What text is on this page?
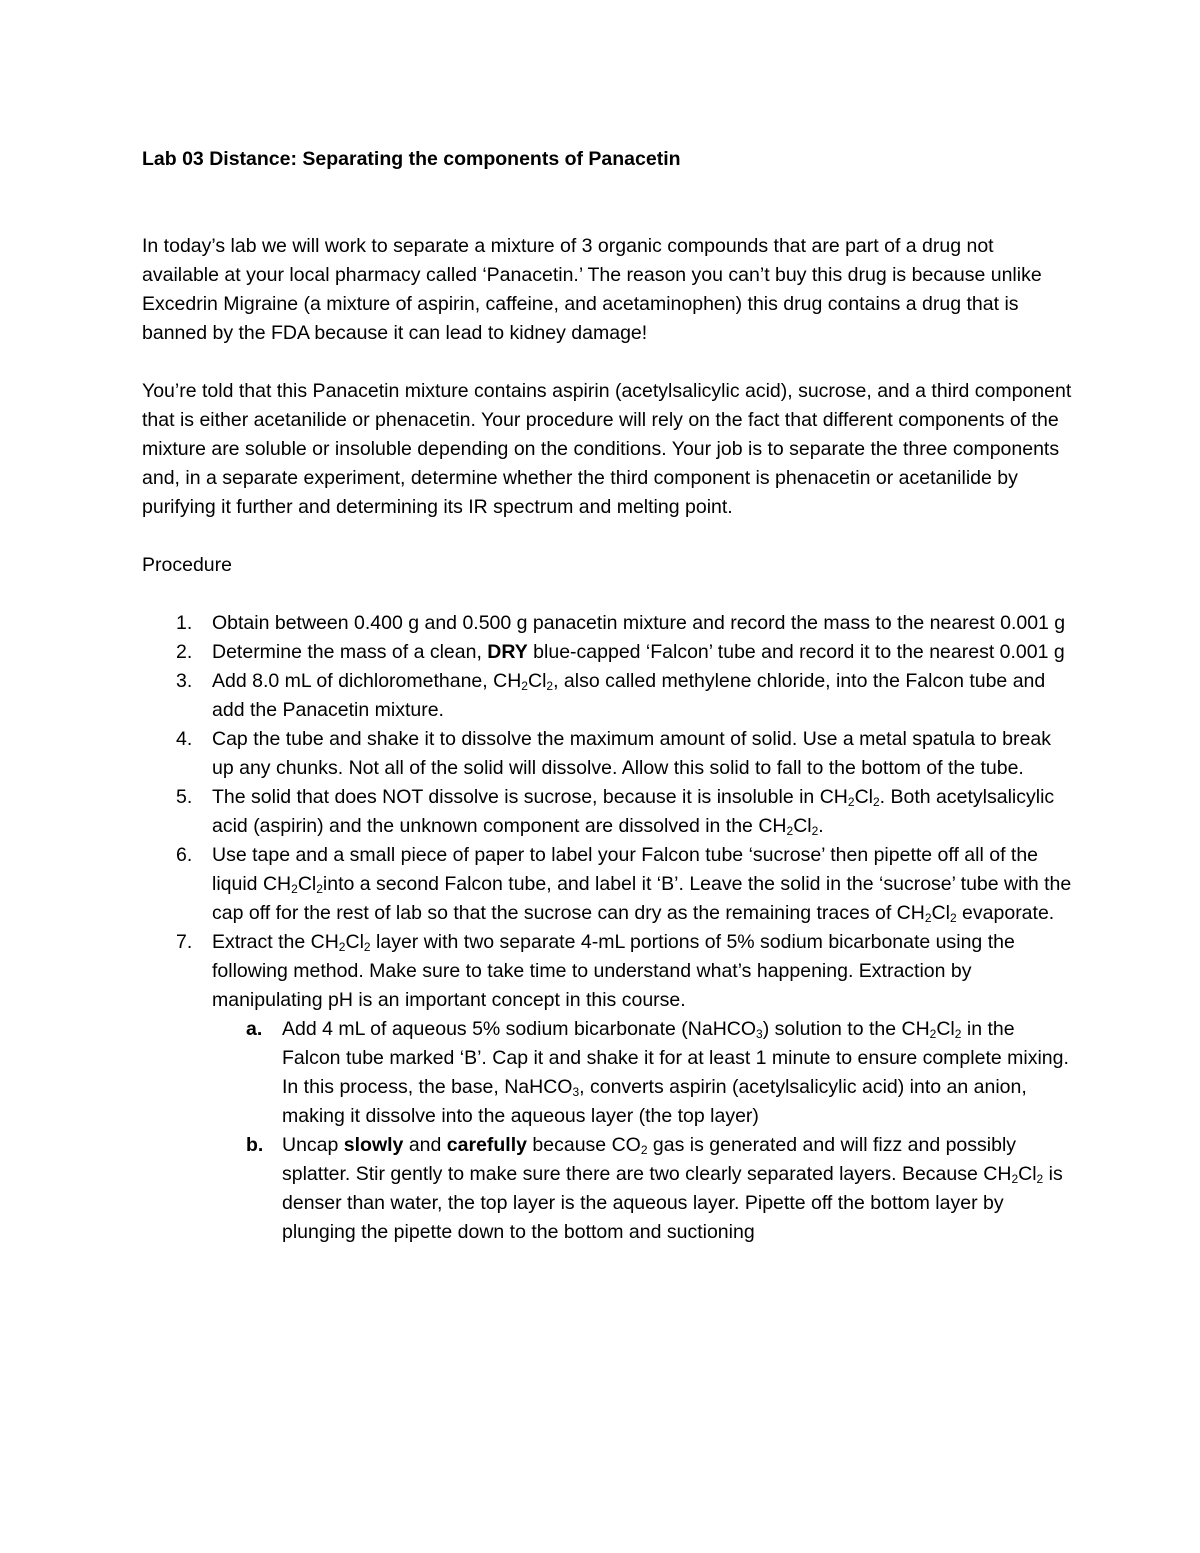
Lab 03 Distance: Separating the components of Panacetin

In today’s lab we will work to separate a mixture of 3 organic compounds that are part of a drug not available at your local pharmacy called ‘Panacetin.’ The reason you can’t buy this drug is because unlike Excedrin Migraine (a mixture of aspirin, caffeine, and acetaminophen) this drug contains a drug that is banned by the FDA because it can lead to kidney damage!

You’re told that this Panacetin mixture contains aspirin (acetylsalicylic acid), sucrose, and a third component that is either acetanilide or phenacetin. Your procedure will rely on the fact that different components of the mixture are soluble or insoluble depending on the conditions. Your job is to separate the three components and, in a separate experiment, determine whether the third component is phenacetin or acetanilide by purifying it further and determining its IR spectrum and melting point.

Procedure
1. Obtain between 0.400 g and 0.500 g panacetin mixture and record the mass to the nearest 0.001 g
2. Determine the mass of a clean, DRY blue-capped ‘Falcon’ tube and record it to the nearest 0.001 g
3. Add 8.0 mL of dichloromethane, $CH_2Cl_2$, also called methylene chloride, into the Falcon tube and add the Panacetin mixture.
4. Cap the tube and shake it to dissolve the maximum amount of solid. Use a metal spatula to break up any chunks. Not all of the solid will dissolve. Allow this solid to fall to the bottom of the tube.
5. The solid that does NOT dissolve is sucrose, because it is insoluble in $CH_2Cl_2$. Both acetylsalicylic acid (aspirin) and the unknown component are dissolved in the $CH_2Cl_2$.
6. Use tape and a small piece of paper to label your Falcon tube ‘sucrose’ then pipette off all of the liquid $CH_2Cl_2into$ a second Falcon tube, and label it ‘B’. Leave the solid in the ‘sucrose’ tube with the cap off for the rest of lab so that the sucrose can dry as the remaining traces of $CH_2Cl_2$ evaporate.
7. Extract the $CH_2Cl_2$ layer with two separate 4-mL portions of 5% sodium bicarbonate using the following method. Make sure to take time to understand what’s happening. Extraction by manipulating pH is an important concept in this course.
a. Add 4 mL of aqueous 5% sodium bicarbonate (NaHCO$_3$) solution to the $CH_2Cl_2$ in the Falcon tube marked ‘B’. Cap it and shake it for at least 1 minute to ensure complete mixing. In this process, the base, NaHCO$_3$, converts aspirin (acetylsalicylic acid) into an anion, making it dissolve into the aqueous layer (the top layer)
b. Uncap slowly and carefully because $CO_2$ gas is generated and will fizz and possibly splatter. Stir gently to make sure there are two clearly separated layers. Because $CH_2Cl_2$ is denser than water, the top layer is the aqueous layer. Pipette off the bottom layer by plunging the pipette down to the bottom and suctioning
